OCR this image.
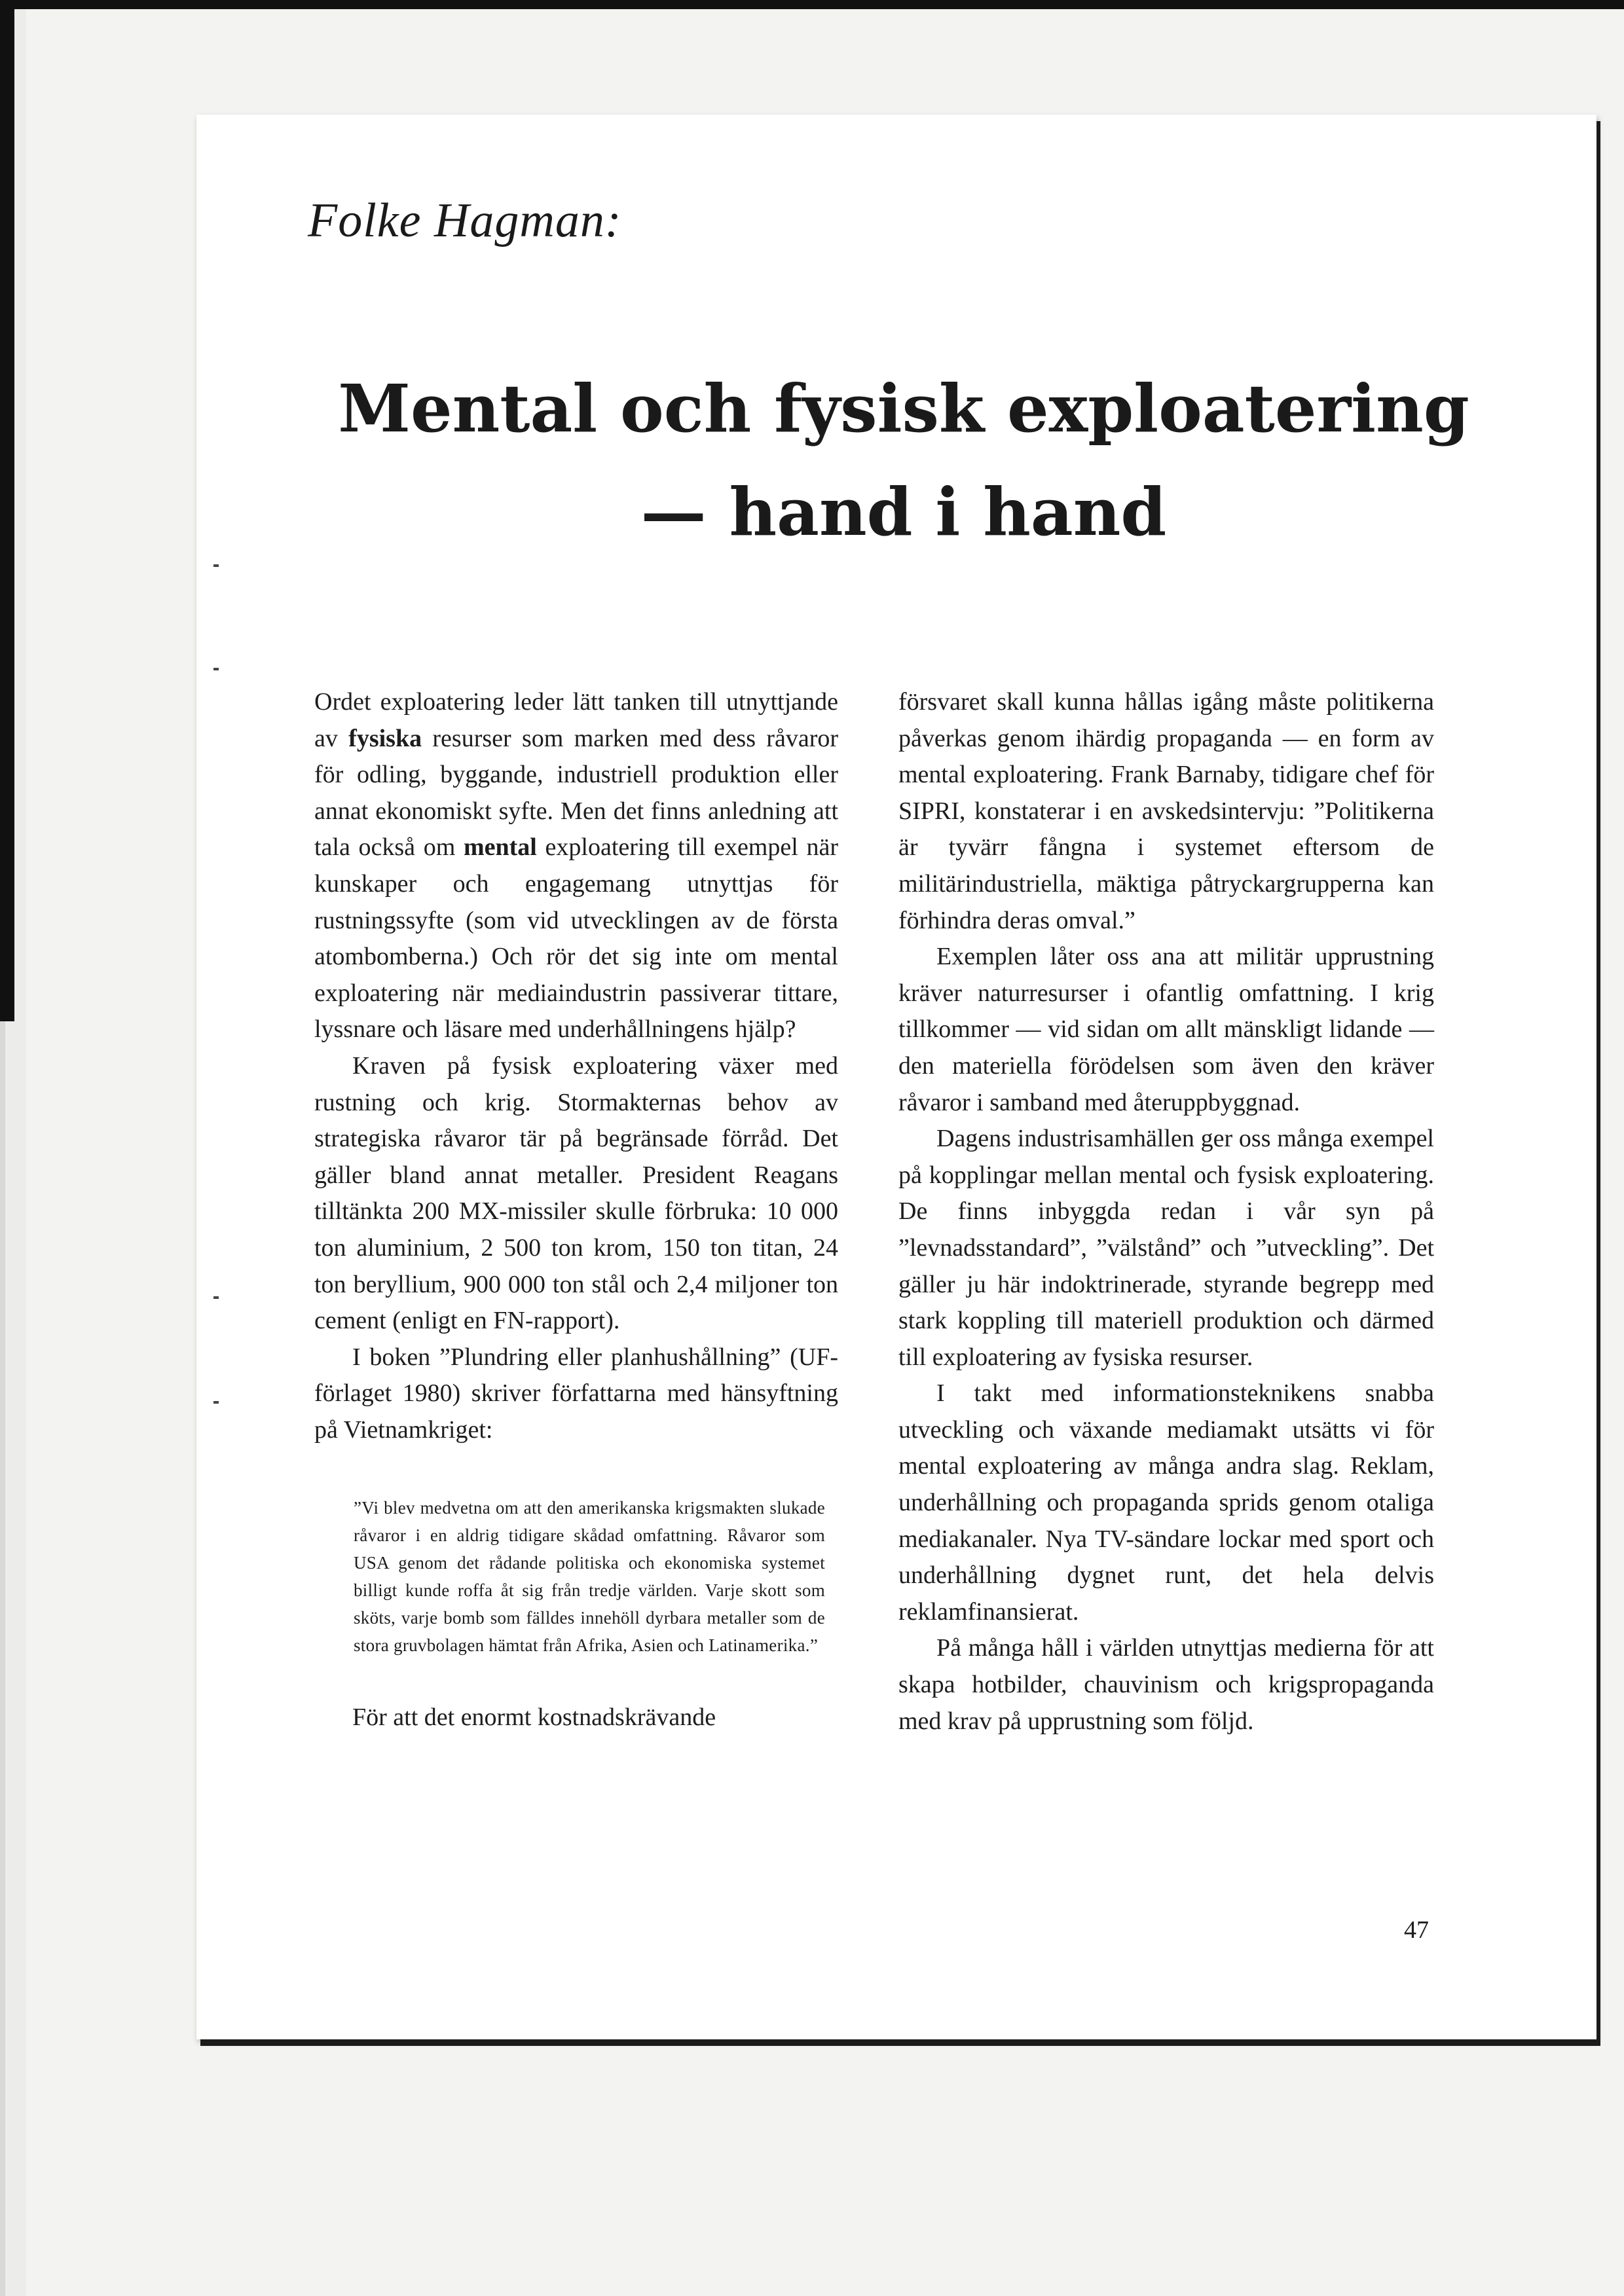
Folke Hagman:
Mental och fysisk exploatering
— hand i hand

Ordet exploatering leder lätt tanken till utnyttjande av fysiska resurser som marken med dess råvaror för odling, byggande, industriell produktion eller annat ekonomiskt syfte. Men det finns anledning att tala också om mental exploatering till exempel när kunskaper och engagemang utnyttjas för rustningssyfte (som vid utvecklingen av de första atombomberna.) Och rör det sig inte om mental exploatering när mediaindustrin passiverar tittare, lyssnare och läsare med underhållningens hjälp?

Kraven på fysisk exploatering växer med rustning och krig. Stormakternas behov av strategiska råvaror tär på begränsade förråd. Det gäller bland annat metaller. President Reagans tilltänkta 200 MX-missiler skulle förbruka: 10 000 ton aluminium, 2 500 ton krom, 150 ton titan, 24 ton beryllium, 900 000 ton stål och 2,4 miljoner ton cement (enligt en FN-rapport).

I boken ”Plundring eller planhushållning” (UF-förlaget 1980) skriver författarna med hänsyftning på Vietnamkriget:

”Vi blev medvetna om att den amerikanska krigsmakten slukade råvaror i en aldrig tidigare skådad omfattning. Råvaror som USA genom det rådande politiska och ekonomiska systemet billigt kunde roffa åt sig från tredje världen. Varje skott som sköts, varje bomb som fälldes innehöll dyrbara metaller som de stora gruvbolagen hämtat från Afrika, Asien och Latinamerika.”

För att det enormt kostnadskrävande

försvaret skall kunna hållas igång måste politikerna påverkas genom ihärdig propaganda — en form av mental exploatering. Frank Barnaby, tidigare chef för SIPRI, konstaterar i en avskedsintervju: ”Politikerna är tyvärr fångna i systemet eftersom de militärindustriella, mäktiga påtryckargrupperna kan förhindra deras omval.”

Exemplen låter oss ana att militär upprustning kräver naturresurser i ofantlig omfattning. I krig tillkommer — vid sidan om allt mänskligt lidande — den materiella förödelsen som även den kräver råvaror i samband med återuppbyggnad.

Dagens industrisamhällen ger oss många exempel på kopplingar mellan mental och fysisk exploatering. De finns inbyggda redan i vår syn på ”levnadsstandard”, ”välstånd” och ”utveckling”. Det gäller ju här indoktrinerade, styrande begrepp med stark koppling till materiell produktion och därmed till exploatering av fysiska resurser.

I takt med informationsteknikens snabba utveckling och växande mediamakt utsätts vi för mental exploatering av många andra slag. Reklam, underhållning och propaganda sprids genom otaliga mediakanaler. Nya TV-sändare lockar med sport och underhållning dygnet runt, det hela delvis reklamfinansierat.

På många håll i världen utnyttjas medierna för att skapa hotbilder, chauvinism och krigspropaganda med krav på upprustning som följd.

47
